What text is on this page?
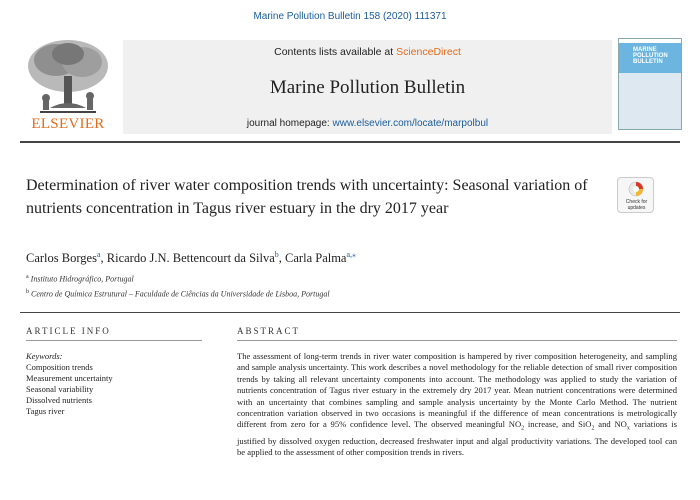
Marine Pollution Bulletin 158 (2020) 111371
ELSEVIER
Contents lists available at ScienceDirect
Marine Pollution Bulletin
journal homepage: www.elsevier.com/locate/marpolbul
MARINE
POLLUTION
BULLETIN
Determination of river water composition trends with uncertainty: Seasonal variation of nutrients concentration in Tagus river estuary in the dry 2017 year	Check for updates
Carlos Borges$^a$, Ricardo J.N. Bettencourt da Silva$^b$, Carla Palma$^{a,⁎}$
$^a$ Instituto Hidrográfico, Portugal
$^b$ Centro de Química Estrutural – Faculdade de Ciências da Universidade de Lisboa, Portugal
ARTICLE INFO	ABSTRACT
Keywords:
Composition trends
Measurement uncertainty
Seasonal variability
Dissolved nutrients
Tagus river
The assessment of long-term trends in river water composition is hampered by river composition heterogeneity, and sampling and sample analysis uncertainty. This work describes a novel methodology for the reliable detection of small river composition trends by taking all relevant uncertainty components into account. The methodology was applied to study the variation of nutrients concentration of Tagus river estuary in the extremely dry 2017 year. Mean nutrient concentrations were determined with an uncertainty that combines sampling and sample analysis uncertainty by the Monte Carlo Method. The nutrient concentration variation observed in two occasions is meaningful if the difference of mean concentrations is metrologically different from zero for a 95% confidence level. The observed meaningful $NO_2$ increase, and SiO$_2$ and $NO_x$ variations is justified by dissolved oxygen reduction, decreased freshwater input and algal productivity variations. The developed tool can be applied to the assessment of other composition trends in rivers.
